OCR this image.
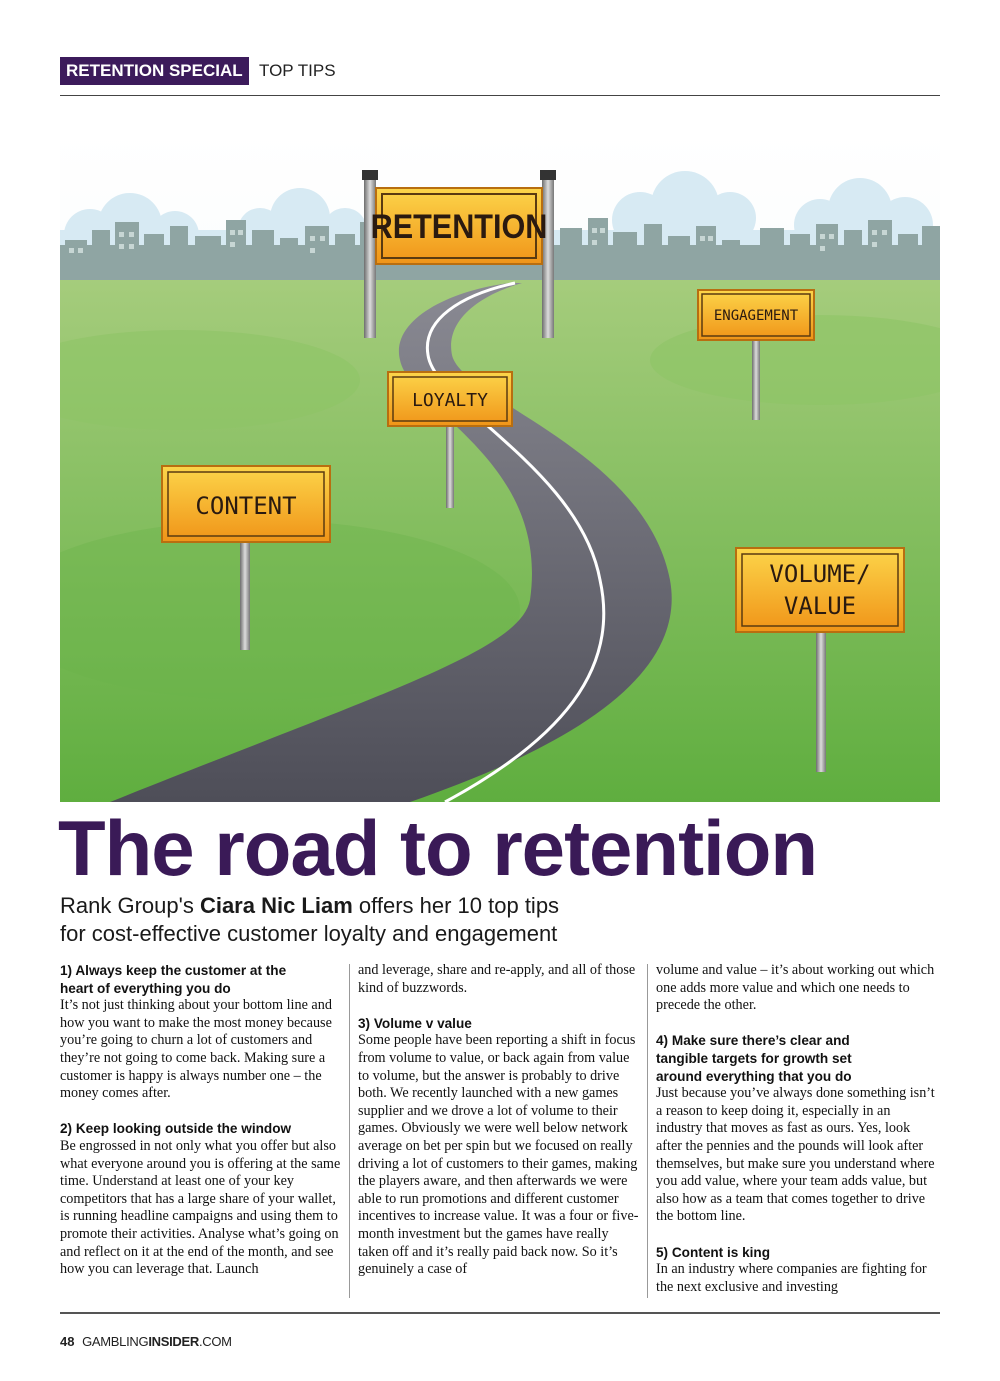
RETENTION SPECIAL TOP TIPS
RETENTION
ENGAGEMENT
LOYALTY
CONTENT
VOLUME/
VALUE
The road to retention
Rank Group's Ciara Nic Liam offers her 10 top tips
for cost-effective customer loyalty and engagement
1) Always keep the customer at the heart of everything you do
It’s not just thinking about your bottom line and how you want to make the most money because you’re going to churn a lot of customers and they’re not going to come back. Making sure a customer is happy is always number one – the money comes after.
2) Keep looking outside the window
Be engrossed in not only what you offer but also what everyone around you is offering at the same time. Understand at least one of your key competitors that has a large share of your wallet, is running headline campaigns and using them to promote their activities. Analyse what’s going on and reflect on it at the end of the month, and see how you can leverage that. Launch
and leverage, share and re-apply, and all of those kind of buzzwords.
3) Volume v value
Some people have been reporting a shift in focus from volume to value, or back again from value to volume, but the answer is probably to drive both. We recently launched with a new games supplier and we drove a lot of volume to their games. Obviously we were well below network average on bet per spin but we focused on really driving a lot of customers to their games, making the players aware, and then afterwards we were able to run promotions and different customer incentives to increase value. It was a four or five-month investment but the games have really taken off and it’s really paid back now. So it’s genuinely a case of
volume and value – it’s about working out which one adds more value and which one needs to precede the other.
4) Make sure there’s clear and tangible targets for growth set around everything that you do
Just because you’ve always done something isn’t a reason to keep doing it, especially in an industry that moves as fast as ours. Yes, look after the pennies and the pounds will look after themselves, but make sure you understand where you add value, where your team adds value, but also how as a team that comes together to drive the bottom line.
5) Content is king
In an industry where companies are fighting for the next exclusive and investing
48 GAMBLINGINSIDER.COM
